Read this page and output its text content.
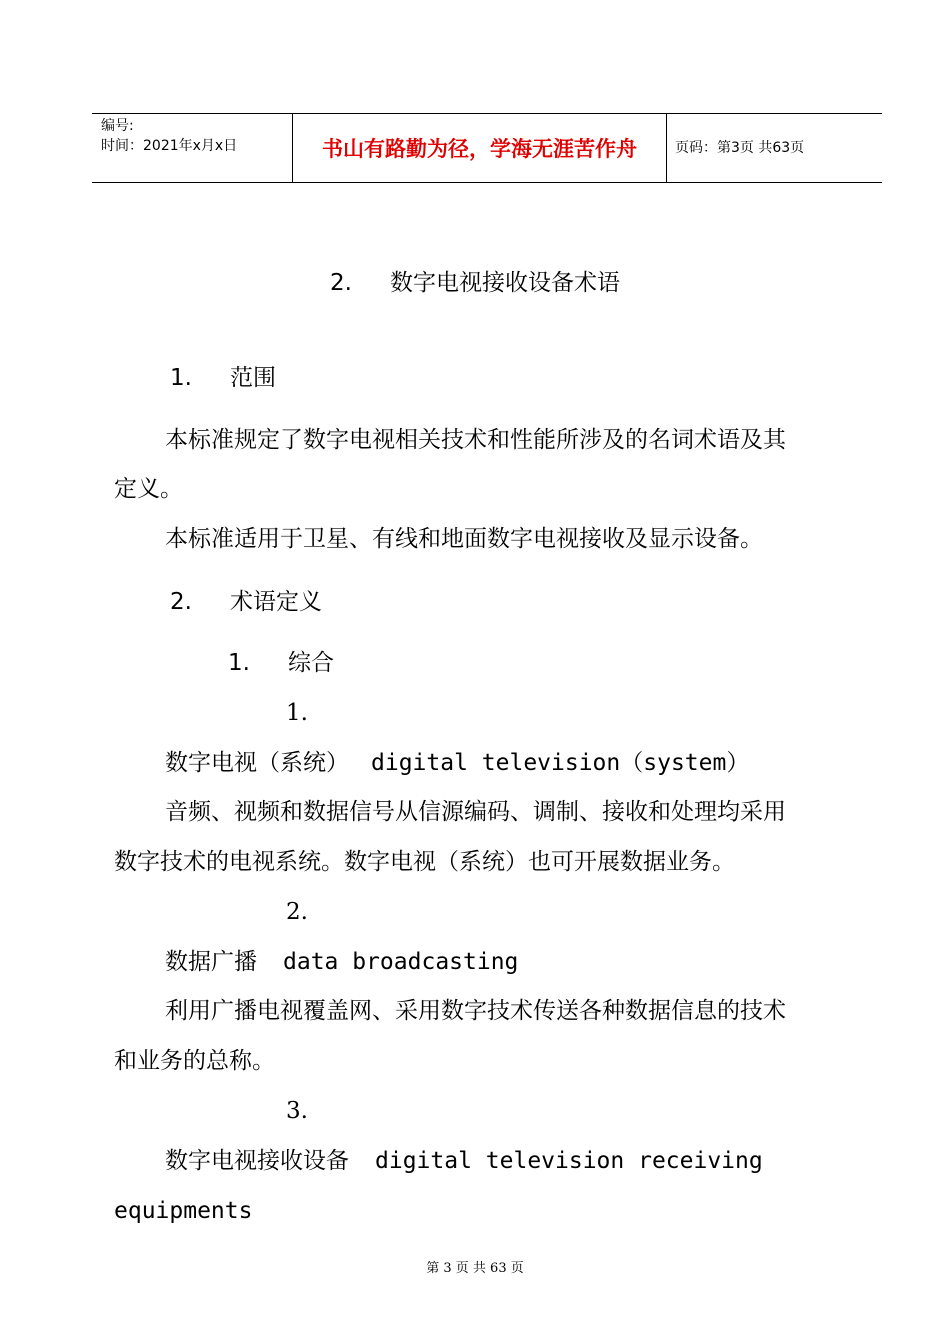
编号:
时间：2021年x月x日	书山有路勤为径，学海无涯苦作舟	页码：第3页 共63页
2. 数字电视接收设备术语
1. 范围
本标准规定了数字电视相关技术和性能所涉及的名词术语及其
定义。
本标准适用于卫星、有线和地面数字电视接收及显示设备。
2. 术语定义
1. 综合
1.
数字电视（系统） digital television（system）
音频、视频和数据信号从信源编码、调制、接收和处理均采用
数字技术的电视系统。数字电视（系统）也可开展数据业务。
2.
数据广播 data broadcasting
利用广播电视覆盖网、采用数字技术传送各种数据信息的技术
和业务的总称。
3.
数字电视接收设备 digital television receiving
equipments
第 3 页 共 63 页
